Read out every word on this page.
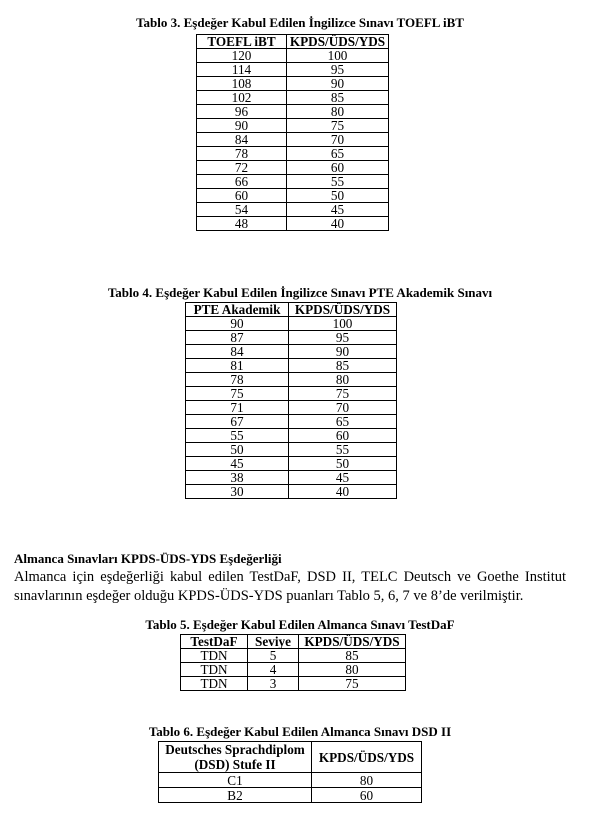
Tablo 3. Eşdeğer Kabul Edilen İngilizce Sınavı TOEFL iBT

TOEFL iBT	KPDS/ÜDS/YDS
120	100
114	95
108	90
102	85
96	80
90	75
84	70
78	65
72	60
66	55
60	50
54	45
48	40

Tablo 4. Eşdeğer Kabul Edilen İngilizce Sınavı PTE Akademik Sınavı

PTE Akademik	KPDS/ÜDS/YDS
90	100
87	95
84	90
81	85
78	80
75	75
71	70
67	65
55	60
50	55
45	50
38	45
30	40

Almanca Sınavları KPDS-ÜDS-YDS Eşdeğerliği

Almanca için eşdeğerliği kabul edilen TestDaF, DSD II, TELC Deutsch ve Goethe Institut sınavlarının eşdeğer olduğu KPDS-ÜDS-YDS puanları Tablo 5, 6, 7 ve 8’de verilmiştir.

Tablo 5. Eşdeğer Kabul Edilen Almanca Sınavı TestDaF

TestDaF	Seviye	KPDS/ÜDS/YDS
TDN	5	85
TDN	4	80
TDN	3	75

Tablo 6. Eşdeğer Kabul Edilen Almanca Sınavı DSD II

Deutsches Sprachdiplom (DSD) Stufe II	KPDS/ÜDS/YDS
C1	80
B2	60
